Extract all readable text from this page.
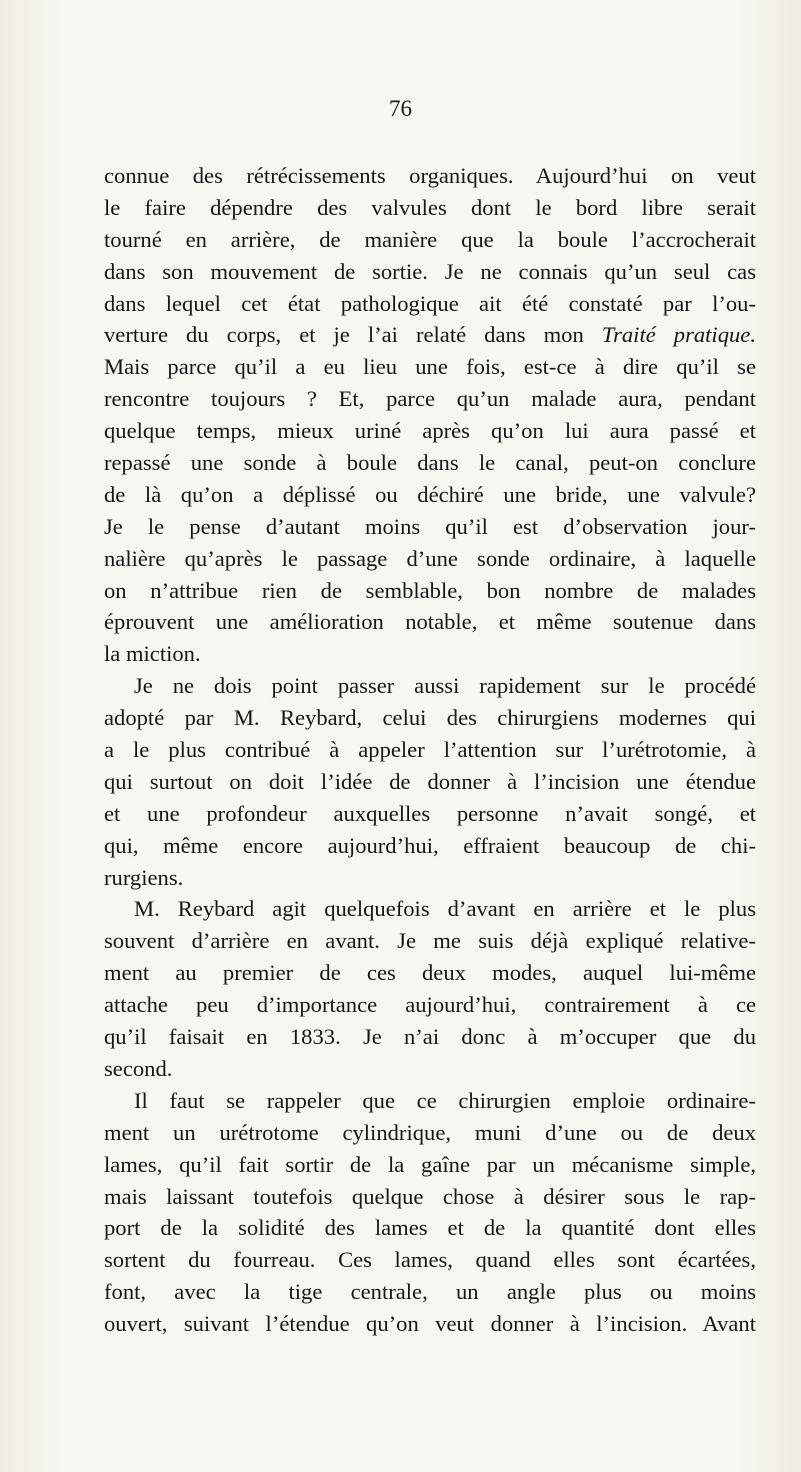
76
connue des rétrécissements organiques. Aujourd’hui on veut
le faire dépendre des valvules dont le bord libre serait
tourné en arrière, de manière que la boule l’accrocherait
dans son mouvement de sortie. Je ne connais qu’un seul cas
dans lequel cet état pathologique ait été constaté par l’ou-
verture du corps, et je l’ai relaté dans mon Traité pratique.
Mais parce qu’il a eu lieu une fois, est-ce à dire qu’il se
rencontre toujours ? Et, parce qu’un malade aura, pendant
quelque temps, mieux uriné après qu’on lui aura passé et
repassé une sonde à boule dans le canal, peut-on conclure
de là qu’on a déplissé ou déchiré une bride, une valvule?
Je le pense d’autant moins qu’il est d’observation jour-
nalière qu’après le passage d’une sonde ordinaire, à laquelle
on n’attribue rien de semblable, bon nombre de malades
éprouvent une amélioration notable, et même soutenue dans
la miction.
Je ne dois point passer aussi rapidement sur le procédé
adopté par M. Reybard, celui des chirurgiens modernes qui
a le plus contribué à appeler l’attention sur l’urétrotomie, à
qui surtout on doit l’idée de donner à l’incision une étendue
et une profondeur auxquelles personne n’avait songé, et
qui, même encore aujourd’hui, effraient beaucoup de chi-
rurgiens.
M. Reybard agit quelquefois d’avant en arrière et le plus
souvent d’arrière en avant. Je me suis déjà expliqué relative-
ment au premier de ces deux modes, auquel lui-même
attache peu d’importance aujourd’hui, contrairement à ce
qu’il faisait en 1833. Je n’ai donc à m’occuper que du
second.
Il faut se rappeler que ce chirurgien emploie ordinaire-
ment un urétrotome cylindrique, muni d’une ou de deux
lames, qu’il fait sortir de la gaîne par un mécanisme simple,
mais laissant toutefois quelque chose à désirer sous le rap-
port de la solidité des lames et de la quantité dont elles
sortent du fourreau. Ces lames, quand elles sont écartées,
font, avec la tige centrale, un angle plus ou moins
ouvert, suivant l’étendue qu’on veut donner à l’incision. Avant
